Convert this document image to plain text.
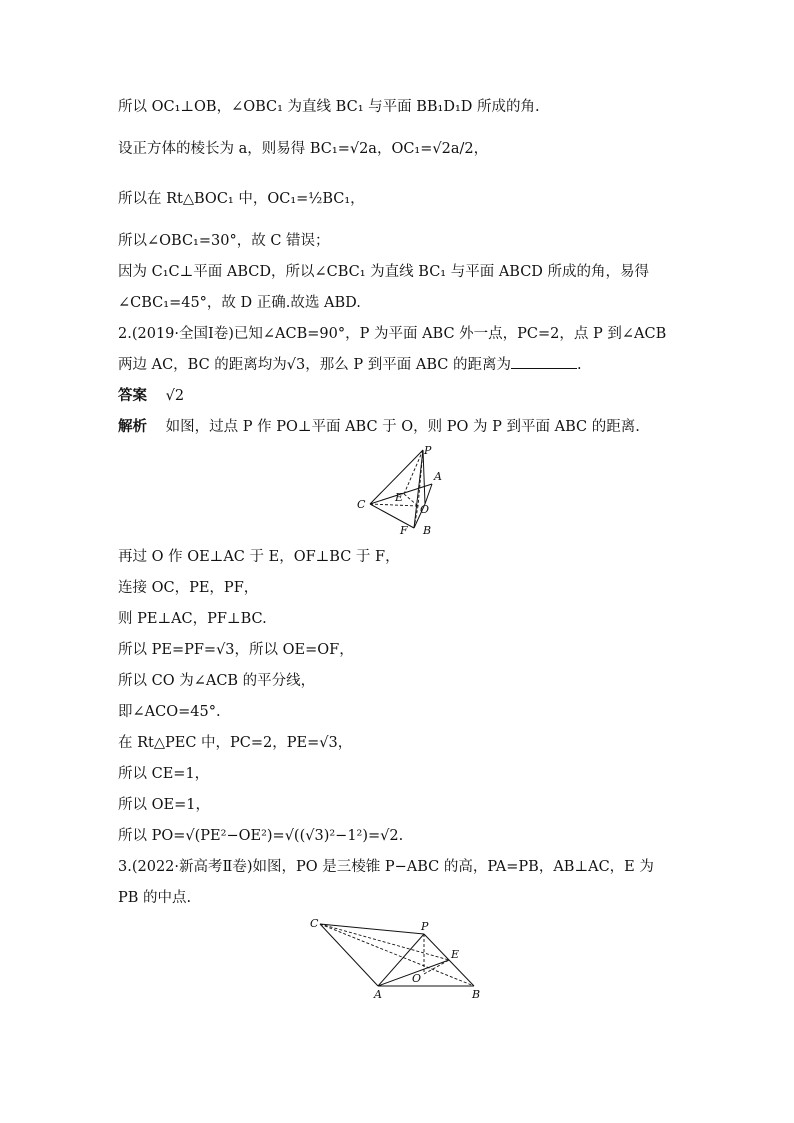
所以 OC₁⊥OB，∠OBC₁ 为直线 BC₁ 与平面 BB₁D₁D 所成的角.
设正方体的棱长为 a，则易得 BC₁=√2a，OC₁=√2a/2，
所以在 Rt△BOC₁ 中，OC₁=½BC₁，
所以∠OBC₁=30°，故 C 错误；
因为 C₁C⊥平面 ABCD，所以∠CBC₁ 为直线 BC₁ 与平面 ABCD 所成的角，易得
∠CBC₁=45°，故 D 正确.故选 ABD.
2.(2019·全国Ⅰ卷)已知∠ACB=90°，P 为平面 ABC 外一点，PC=2，点 P 到∠ACB
两边 AC，BC 的距离均为√3，那么 P 到平面 ABC 的距离为	.
答案 √2
解析 如图，过点 P 作 PO⊥平面 ABC 于 O，则 PO 为 P 到平面 ABC 的距离.
P
A
E
O
C
F B
再过 O 作 OE⊥AC 于 E，OF⊥BC 于 F，
连接 OC，PE，PF，
则 PE⊥AC，PF⊥BC.
所以 PE=PF=√3，所以 OE=OF，
所以 CO 为∠ACB 的平分线，
即∠ACO=45°.
在 Rt△PEC 中，PC=2，PE=√3，
所以 CE=1，
所以 OE=1，
所以 PO=√(PE²−OE²)=√((√3)²−1²)=√2.
3.(2022·新高考Ⅱ卷)如图，PO 是三棱锥 P−ABC 的高，PA=PB，AB⊥AC，E 为
PB 的中点.
C	P
E
O
A	B
